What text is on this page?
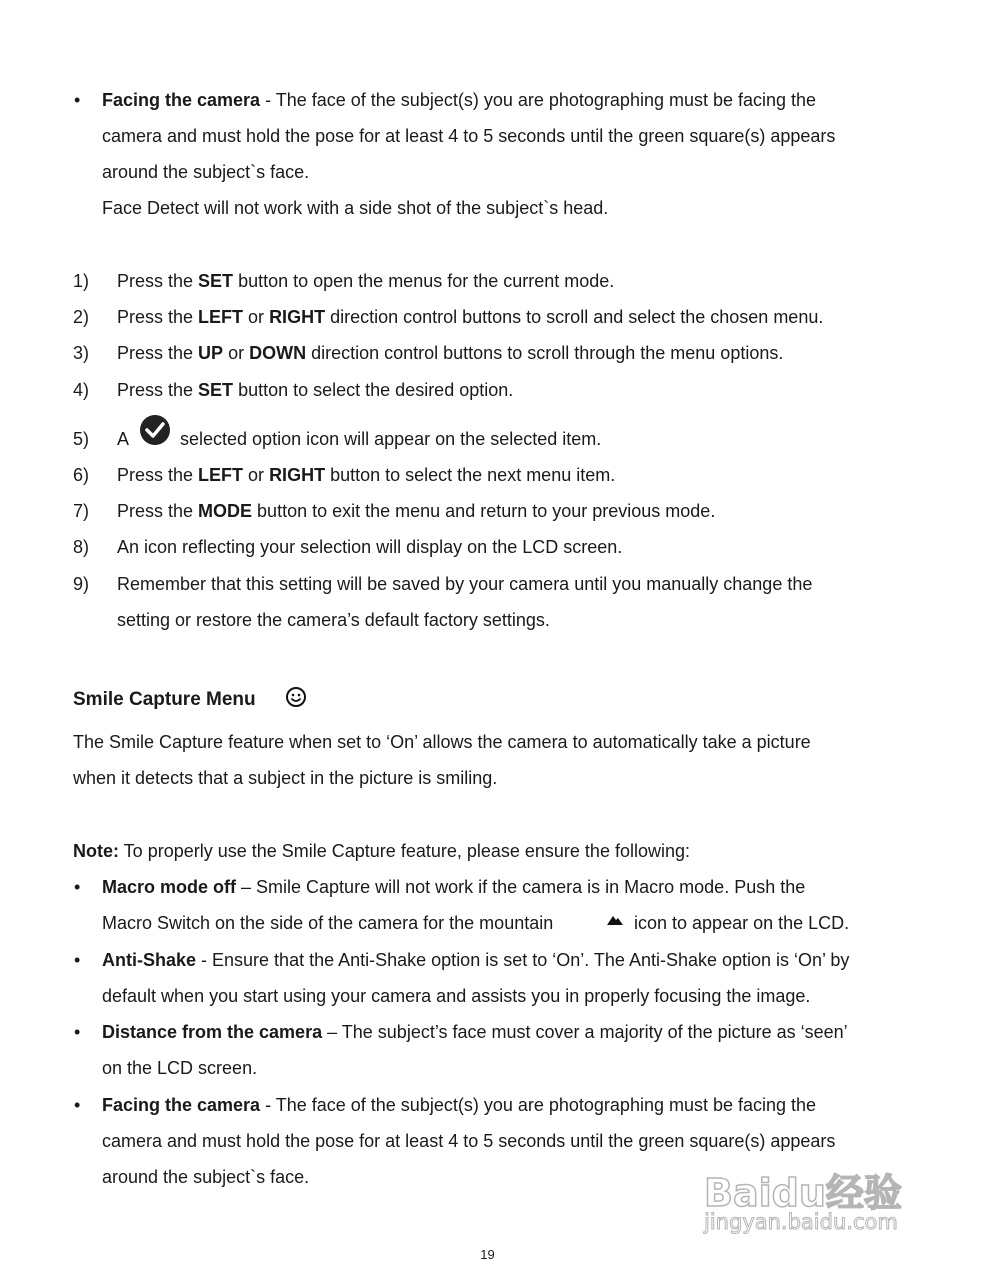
• Facing the camera - The face of the subject(s) you are photographing must be facing the
camera and must hold the pose for at least 4 to 5 seconds until the green square(s) appears
around the subject`s face.
Face Detect will not work with a side shot of the subject`s head.
1) Press the SET button to open the menus for the current mode.
2) Press the LEFT or RIGHT direction control buttons to scroll and select the chosen menu.
3) Press the UP or DOWN direction control buttons to scroll through the menu options.
4) Press the SET button to select the desired option.
5) A	selected option icon will appear on the selected item.
6) Press the LEFT or RIGHT button to select the next menu item.
7) Press the MODE button to exit the menu and return to your previous mode.
8) An icon reflecting your selection will display on the LCD screen.
9) Remember that this setting will be saved by your camera until you manually change the
setting or restore the camera’s default factory settings.
Smile Capture Menu
The Smile Capture feature when set to ‘On’ allows the camera to automatically take a picture
when it detects that a subject in the picture is smiling.
Note: To properly use the Smile Capture feature, please ensure the following:
• Macro mode off – Smile Capture will not work if the camera is in Macro mode. Push the
Macro Switch on the side of the camera for the mountain	icon to appear on the LCD.
• Anti-Shake - Ensure that the Anti-Shake option is set to ‘On’. The Anti-Shake option is ‘On’ by
default when you start using your camera and assists you in properly focusing the image.
• Distance from the camera – The subject’s face must cover a majority of the picture as ‘seen’
on the LCD screen.
• Facing the camera - The face of the subject(s) you are photographing must be facing the
camera and must hold the pose for at least 4 to 5 seconds until the green square(s) appears
around the subject`s face.
19
Baidu经验
jingyan.baidu.com
